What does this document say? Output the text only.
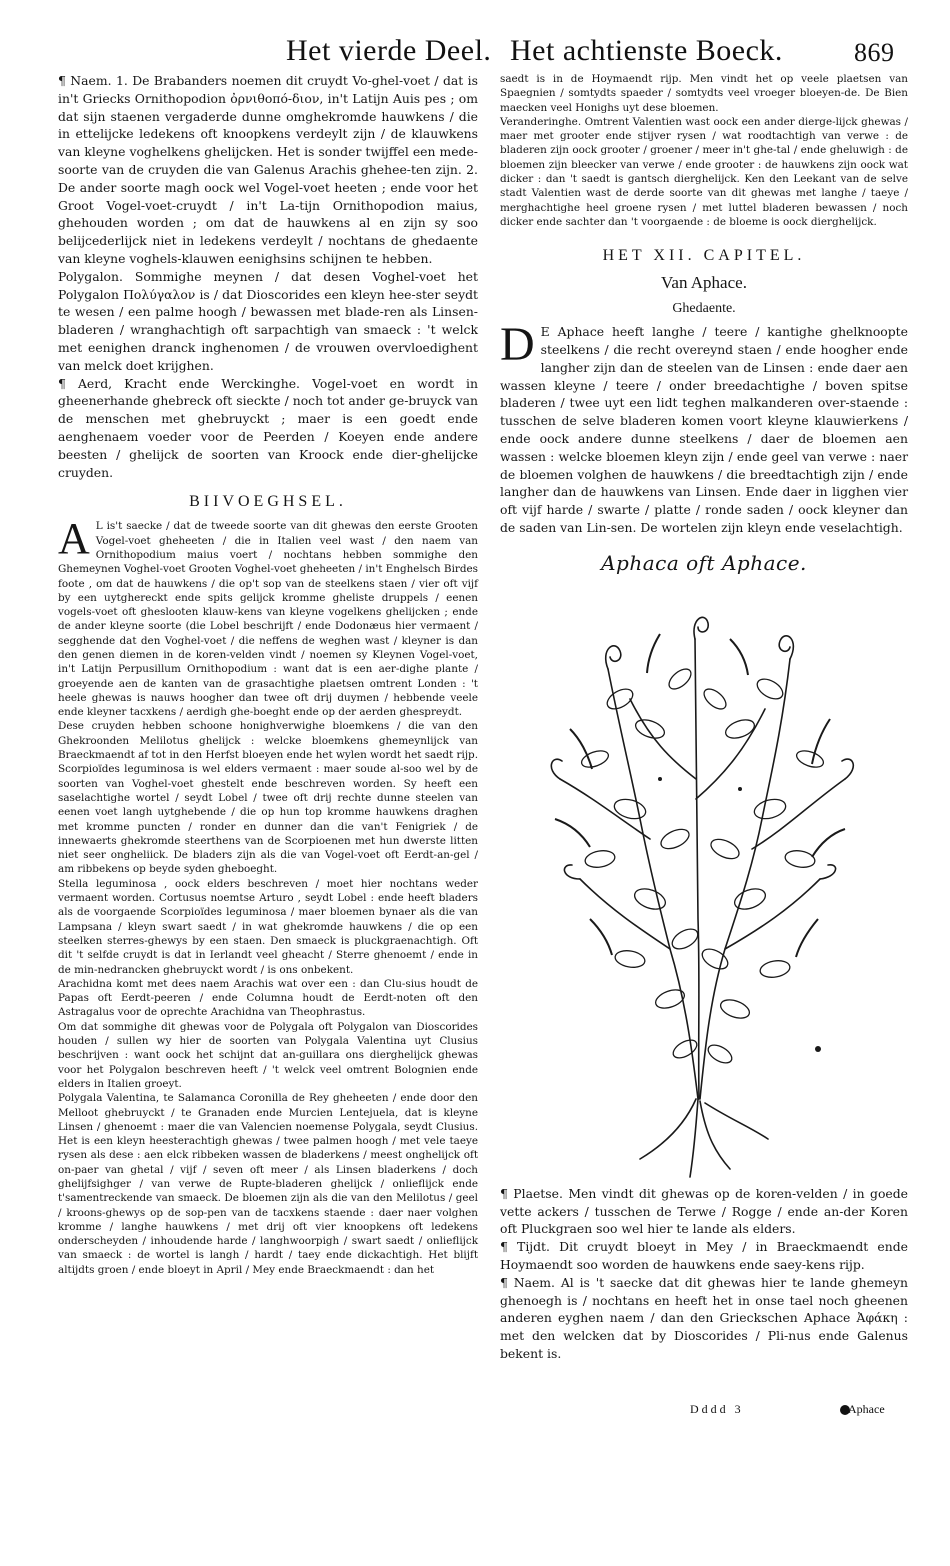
Het vierde Deel. Het achtienste Boeck.	869

¶ Naem. 1. De Brabanders noemen dit cruydt Vo-ghel-voet / dat is in't Griecks Ornithopodion ὀρνιθοπό-διον, in't Latijn Auis pes ; om dat sijn staenen vergaderde dunne omghekromde hauwkens / die in ettelijcke ledekens oft knoopkens verdeylt zijn / de klauwkens van kleyne voghelkens ghelijcken. Het is sonder twijffel een mede-soorte van de cruyden die van Galenus Arachis ghehee-ten zijn. 2. De ander soorte magh oock wel Vogel-voet heeten ; ende voor het Groot Vogel-voet-cruydt / in't La-tijn Ornithopodion maius, ghehouden worden ; om dat de hauwkens al en zijn sy soo belijcederlijck niet in ledekens verdeylt / nochtans de ghedaente van kleyne voghels-klauwen eenighsins schijnen te hebben.

Polygalon. Sommighe meynen / dat desen Voghel-voet het Polygalon Πολύγαλον is / dat Dioscorides een kleyn hee-ster seydt te wesen / een palme hoogh / bewassen met blade-ren als Linsen-bladeren / wranghachtigh oft sarpachtigh van smaeck : 't welck met eenighen dranck inghenomen / de vrouwen overvloedighent van melck doet krijghen.

¶ Aerd, Kracht ende Werckinghe. Vogel-voet en wordt in gheenerhande ghebreck oft sieckte / noch tot ander ge-bruyck van de menschen met ghebruyckt ; maer is een goedt ende aenghenaem voeder voor de Peerden / Koeyen ende andere beesten / ghelijck de soorten van Kroock ende dier-ghelijcke cruyden.

BIIVOEGHSEL.

A L is't saecke / dat de tweede soorte van dit ghewas den eerste Grooten Vogel-voet gheheeten / die in Italien veel wast / den naem van Ornithopodium maius voert / nochtans hebben sommighe den Ghemeynen Voghel-voet Grooten Voghel-voet gheheeten / in't Enghelsch Birdes foote , om dat de hauwkens / die op't sop van de steelkens staen / vier oft vijf by een uytghereckt ende spits gelijck kromme gheliste druppels / eenen vogels-voet oft gheslooten klauw-kens van kleyne vogelkens ghelijcken ; ende de ander kleyne soorte (die Lobel beschrijft / ende Dodonæus hier vermaent / segghende dat den Voghel-voet / die neffens de weghen wast / kleyner is dan den genen diemen in de koren-velden vindt / noemen sy Kleynen Vogel-voet, in't Latijn Perpusillum Ornithopodium : want dat is een aer-dighe plante / groeyende aen de kanten van de grasachtighe plaetsen omtrent Londen : 't heele ghewas is nauws hoogher dan twee oft drij duymen / hebbende veele ende kleyner tacxkens / aerdigh ghe-boeght ende op der aerden ghespreydt.

Dese cruyden hebben schoone honighverwighe bloemkens / die van den Ghekroonden Melilotus ghelijck : welcke bloemkens ghemeynlijck van Braeckmaendt af tot in den Herfst bloeyen ende het wylen wordt het saedt rijp.

Scorpioïdes leguminosa is wel elders vermaent : maer soude al-soo wel by de soorten van Voghel-voet ghestelt ende beschreven worden. Sy heeft een saselachtighe wortel / seydt Lobel / twee oft drij rechte dunne steelen van eenen voet langh uytghebende / die op hun top kromme hauwkens draghen met kromme puncten / ronder en dunner dan die van't Fenigriek / de innewaerts ghekromde steerthens van de Scorpioenen met hun dwerste litten niet seer ongheliick. De bladers zijn als die van Vogel-voet oft Eerdt-an-gel / am ribbekens op beyde syden gheboeght.

Stella leguminosa , oock elders beschreven / moet hier nochtans weder vermaent worden. Cortusus noemtse Arturo , seydt Lobel : ende heeft bladers als de voorgaende Scorpioïdes leguminosa / maer bloemen bynaer als die van Lampsana / kleyn swart saedt / in wat ghekromde hauwkens / die op een steelken sterres-ghewys by een staen. Den smaeck is pluckgraenachtigh. Oft dit 't selfde cruydt is dat in Ierlandt veel gheacht / Sterre ghenoemt / ende in de min-nedrancken ghebruyckt wordt / is ons onbekent.

Arachidna komt met dees naem Arachis wat over een : dan Clu-sius houdt de Papas oft Eerdt-peeren / ende Columna houdt de Eerdt-noten oft den Astragalus voor de oprechte Arachidna van Theophrastus.

Om dat sommighe dit ghewas voor de Polygala oft Polygalon van Dioscorides houden / sullen wy hier de soorten van Polygala Valentina uyt Clusius beschrijven : want oock het schijnt dat an-guillara ons dierghelijck ghewas voor het Polygalon beschreven heeft / 't welck veel omtrent Bolognien ende elders in Italien groeyt.

Polygala Valentina, te Salamanca Coronilla de Rey gheheeten / ende door den Melloot ghebruyckt / te Granaden ende Murcien Lentejuela, dat is kleyne Linsen / ghenoemt : maer die van Valencien noemense Polygala, seydt Clusius. Het is een kleyn heesterachtigh ghewas / twee palmen hoogh / met vele taeye rysen als dese : aen elck ribbeken wassen de bladerkens / meest onghelijck oft on-paer van ghetal / vijf / seven oft meer / als Linsen bladerkens / doch ghelijfsighger / van verwe de Rupte-bladeren ghelijck / onlieflijck ende t'samentreckende van smaeck. De bloemen zijn als die van den Melilotus / geel / kroons-ghewys op de sop-pen van de tacxkens staende : daer naer volghen kromme / langhe hauwkens / met drij oft vier knoopkens oft ledekens onderscheyden / inhoudende harde / langhwoorpigh / swart saedt / onlieflijck van smaeck : de wortel is langh / hardt / taey ende dickachtigh. Het blijft altijdts groen / ende bloeyt in April / Mey ende Braeckmaendt : dan het

saedt is in de Hoymaendt rijp. Men vindt het op veele plaetsen van Spaegnien / somtydts spaeder / somtydts veel vroeger bloeyen-de. De Bien maecken veel Honighs uyt dese bloemen.

Veranderinghe. Omtrent Valentien wast oock een ander dierge-lijck ghewas / maer met grooter ende stijver rysen / wat roodtachtigh van verwe : de bladeren zijn oock grooter / groener / meer in't ghe-tal / ende gheluwigh : de bloemen zijn bleecker van verwe / ende grooter : de hauwkens zijn oock wat dicker : dan 't saedt is gantsch dierghelijck. Ken den Leekant van de selve stadt Valentien wast de derde soorte van dit ghewas met langhe / taeye / merghachtighe heel groene rysen / met luttel bladeren bewassen / noch dicker ende sachter dan 't voorgaende : de bloeme is oock dierghelijck.

HET XII. CAPITEL.
Van Aphace.
Ghedaente.

D E Aphace heeft langhe / teere / kantighe ghelknoopte steelkens / die recht overeynd staen / ende hoogher ende langher zijn dan de steelen van de Linsen : ende daer aen wassen kleyne / teere / onder breedachtighe / boven spitse bladeren / twee uyt een lidt teghen malkanderen over-staende : tusschen de selve bladeren komen voort kleyne klauwierkens / ende oock andere dunne steelkens / daer de bloemen aen wassen : welcke bloemen kleyn zijn / ende geel van verwe : naer de bloemen volghen de hauwkens / die breedtachtigh zijn / ende langher dan de hauwkens van Linsen. Ende daer in ligghen vier oft vijf harde / swarte / platte / ronde saden / oock kleyner dan de saden van Lin-sen. De wortelen zijn kleyn ende veselachtigh.

Aphaca oft Aphace.

¶ Plaetse. Men vindt dit ghewas op de koren-velden / in goede vette ackers / tusschen de Terwe / Rogge / ende an-der Koren oft Pluckgraen soo wel hier te lande als elders.

¶ Tijdt. Dit cruydt bloeyt in Mey / in Braeckmaendt ende Hoymaendt soo worden de hauwkens ende saey-kens rijp.

¶ Naem. Al is 't saecke dat dit ghewas hier te lande ghemeyn ghenoegh is / nochtans en heeft het in onse tael noch gheenen anderen eyghen naem / dan den Grieckschen Aphace Ἀφάκη : met den welcken dat by Dioscorides / Pli-nus ende Galenus bekent is.

Dddd 3	Aphace
